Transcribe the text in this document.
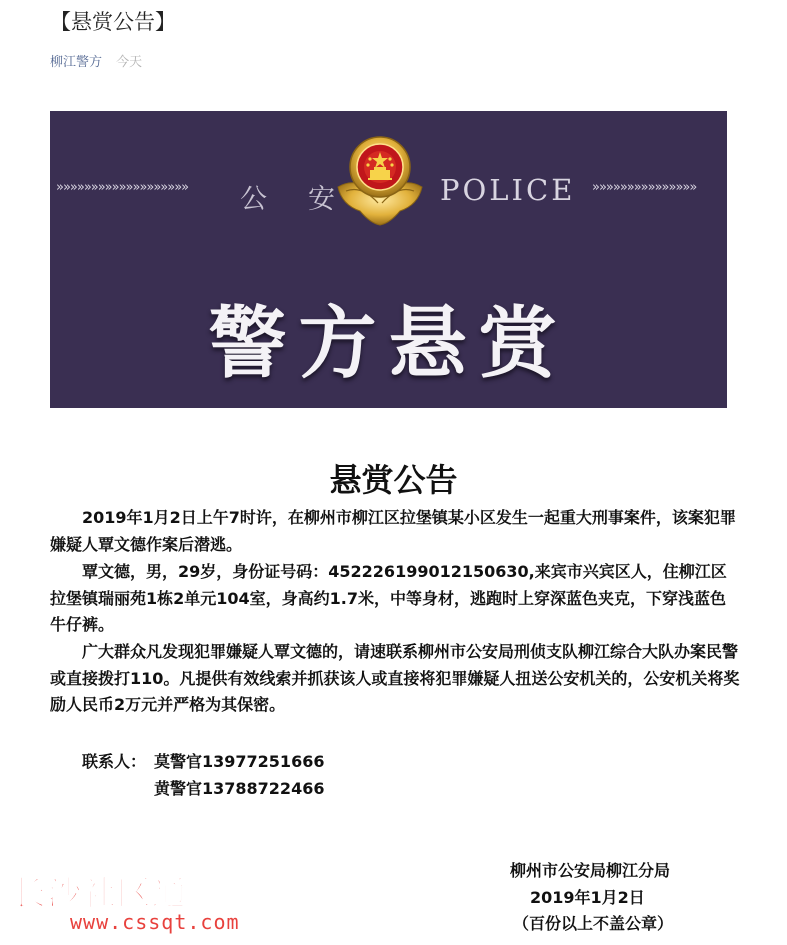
【悬赏公告】
柳江警方 今天
»»»»»»»»»»»»»»»»»»» 公 安	POLICE »»»»»»»»»»»»»»»
警方悬赏
悬赏公告
2019年1月2日上午7时许，在柳州市柳江区拉堡镇某小区发生一起重大刑事案件，该案犯罪嫌疑人覃文德作案后潜逃。
覃文德，男，29岁，身份证号码：452226199012150630,来宾市兴宾区人，住柳江区拉堡镇瑞丽苑1栋2单元104室，身高约1.7米，中等身材，逃跑时上穿深蓝色夹克，下穿浅蓝色牛仔裤。
广大群众凡发现犯罪嫌疑人覃文德的，请速联系柳州市公安局刑侦支队柳江综合大队办案民警或直接拨打110。凡提供有效线索并抓获该人或直接将犯罪嫌疑人扭送公安机关的，公安机关将奖励人民币2万元并严格为其保密。
联系人： 莫警官13977251666
黄警官13788722466
柳州市公安局柳江分局
2019年1月2日
（百份以上不盖公章）
长沙社区通
www.cssqt.com
